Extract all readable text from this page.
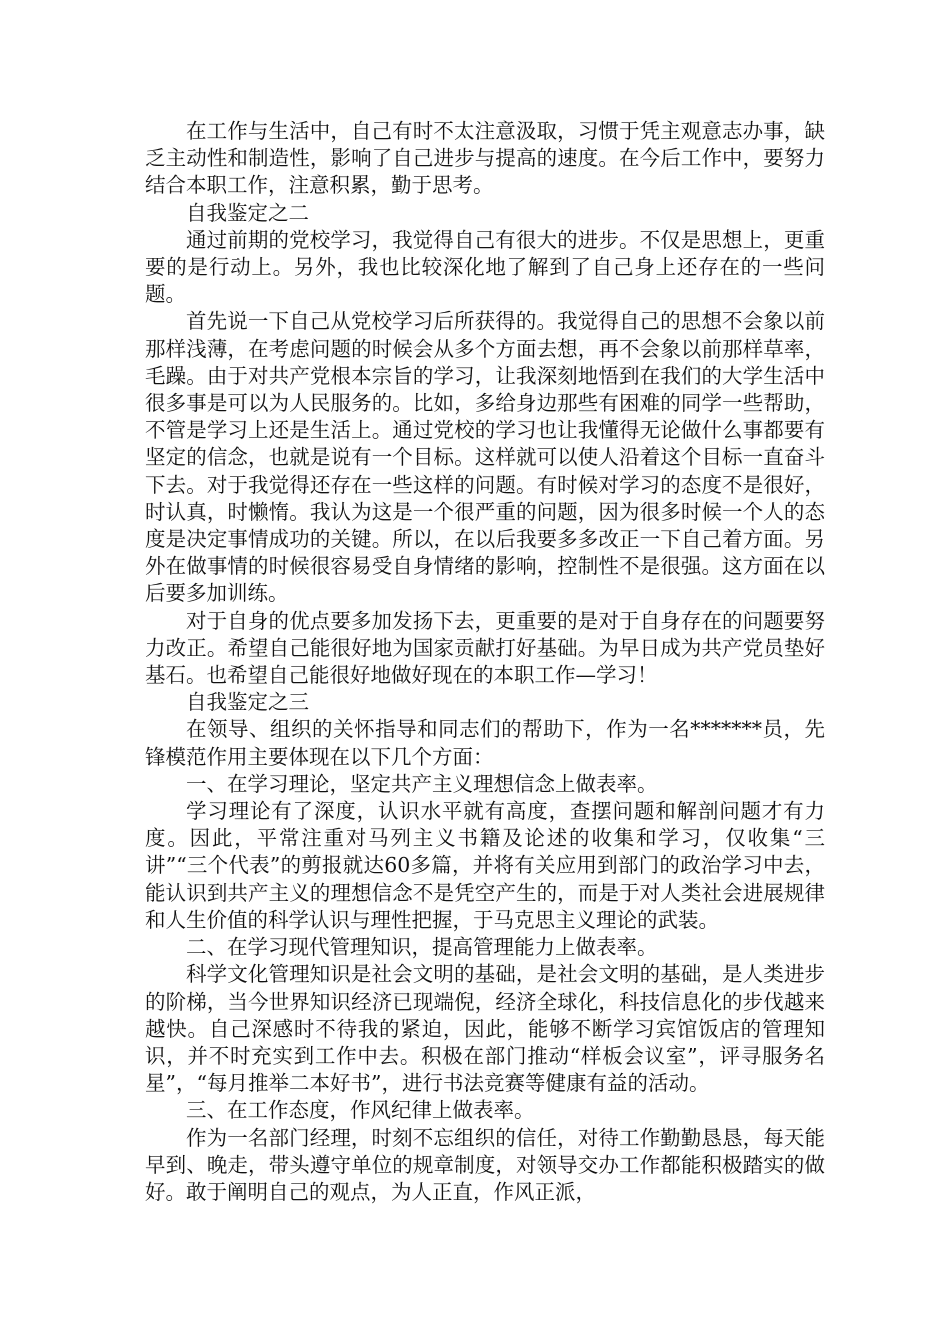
在工作与生活中，自己有时不太注意汲取，习惯于凭主观意志办事，缺乏主动性和制造性，影响了自己进步与提高的速度。在今后工作中，要努力结合本职工作，注意积累，勤于思考。

自我鉴定之二

通过前期的党校学习，我觉得自己有很大的进步。不仅是思想上，更重要的是行动上。另外，我也比较深化地了解到了自己身上还存在的一些问题。

首先说一下自己从党校学习后所获得的。我觉得自己的思想不会象以前那样浅薄，在考虑问题的时候会从多个方面去想，再不会象以前那样草率，毛躁。由于对共产党根本宗旨的学习，让我深刻地悟到在我们的大学生活中很多事是可以为人民服务的。比如，多给身边那些有困难的同学一些帮助，不管是学习上还是生活上。通过党校的学习也让我懂得无论做什么事都要有坚定的信念，也就是说有一个目标。这样就可以使人沿着这个目标一直奋斗下去。对于我觉得还存在一些这样的问题。有时候对学习的态度不是很好，时认真，时懒惰。我认为这是一个很严重的问题，因为很多时候一个人的态度是决定事情成功的关键。所以，在以后我要多多改正一下自己着方面。另外在做事情的时候很容易受自身情绪的影响，控制性不是很强。这方面在以后要多加训练。

对于自身的优点要多加发扬下去，更重要的是对于自身存在的问题要努力改正。希望自己能很好地为国家贡献打好基础。为早日成为共产党员垫好基石。也希望自己能很好地做好现在的本职工作—学习！

自我鉴定之三

在领导、组织的关怀指导和同志们的帮助下，作为一名*******员，先锋模范作用主要体现在以下几个方面：

一、在学习理论，坚定共产主义理想信念上做表率。

学习理论有了深度，认识水平就有高度，查摆问题和解剖问题才有力度。因此，平常注重对马列主义书籍及论述的收集和学习，仅收集“三讲”“三个代表”的剪报就达60多篇，并将有关应用到部门的政治学习中去，能认识到共产主义的理想信念不是凭空产生的，而是于对人类社会进展规律和人生价值的科学认识与理性把握，于马克思主义理论的武装。

二、在学习现代管理知识，提高管理能力上做表率。

科学文化管理知识是社会文明的基础，是社会文明的基础，是人类进步的阶梯，当今世界知识经济已现端倪，经济全球化，科技信息化的步伐越来越快。自己深感时不待我的紧迫，因此，能够不断学习宾馆饭店的管理知识，并不时充实到工作中去。积极在部门推动“样板会议室”，评寻服务名星”，“每月推举二本好书”，进行书法竞赛等健康有益的活动。

三、在工作态度，作风纪律上做表率。

作为一名部门经理，时刻不忘组织的信任，对待工作勤勤恳恳，每天能早到、晚走，带头遵守单位的规章制度，对领导交办工作都能积极踏实的做好。敢于阐明自己的观点，为人正直，作风正派，
